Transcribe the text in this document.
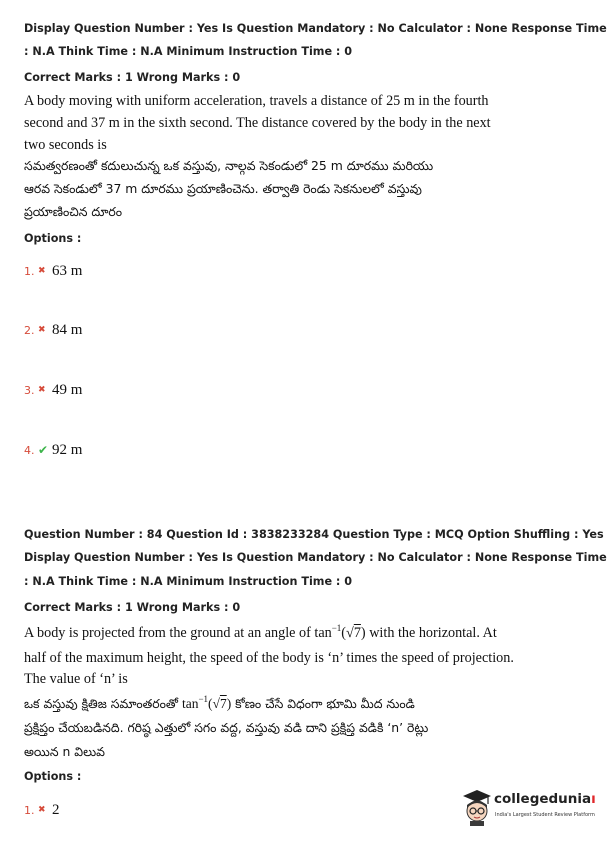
Display Question Number : Yes Is Question Mandatory : No Calculator : None Response Time
: N.A Think Time : N.A Minimum Instruction Time : 0
Correct Marks : 1 Wrong Marks : 0
A body moving with uniform acceleration, travels a distance of 25 m in the fourth
second and 37 m in the sixth second. The distance covered by the body in the next
two seconds is
సమత్వరణంతో కదులుచున్న ఒక వస్తువు, నాల్గవ సెకండులో 25 m దూరము మరియు
ఆరవ సెకండులో 37 m దూరము ప్రయాణించెను. తర్వాతి రెండు సెకనులలో వస్తువు
ప్రయాణించిన దూరం
Options :
1. ✖ 63 m
2. ✖ 84 m
3. ✖ 49 m
4. ✔ 92 m
Question Number : 84 Question Id : 3838233284 Question Type : MCQ Option Shuffling : Yes
Display Question Number : Yes Is Question Mandatory : No Calculator : None Response Time
: N.A Think Time : N.A Minimum Instruction Time : 0
Correct Marks : 1 Wrong Marks : 0
A body is projected from the ground at an angle of $\tan^{-1}(√7)$ with the horizontal. At
half of the maximum height, the speed of the body is ‘n’ times the speed of projection.
The value of ‘n’ is
ఒక వస్తువు క్షితిజ సమాంతరంతో $\tan^{-1}(√7)$ కోణం చేసే విధంగా భూమి మీద నుండి
ప్రక్షిప్తం చేయబడినది. గరిష్ఠ ఎత్తులో సగం వద్ద, వస్తువు వడి దాని ప్రక్షిప్త వడికి ‘n’ రెట్లు
అయిన n విలువ
Options :
1. ✖ 2
collegeduniaı
India's Largest Student Review Platform
